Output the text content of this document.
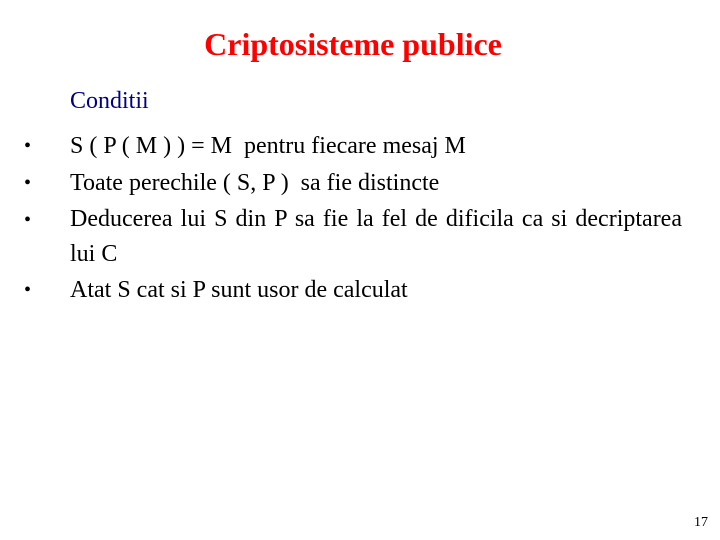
Criptosisteme publice

Conditii

• S ( P ( M ) ) = M  pentru fiecare mesaj M
• Toate perechile ( S, P )  sa fie distincte
• Deducerea lui S din P sa fie la fel de dificila ca si decriptarea lui C
• Atat S cat si P sunt usor de calculat
17
